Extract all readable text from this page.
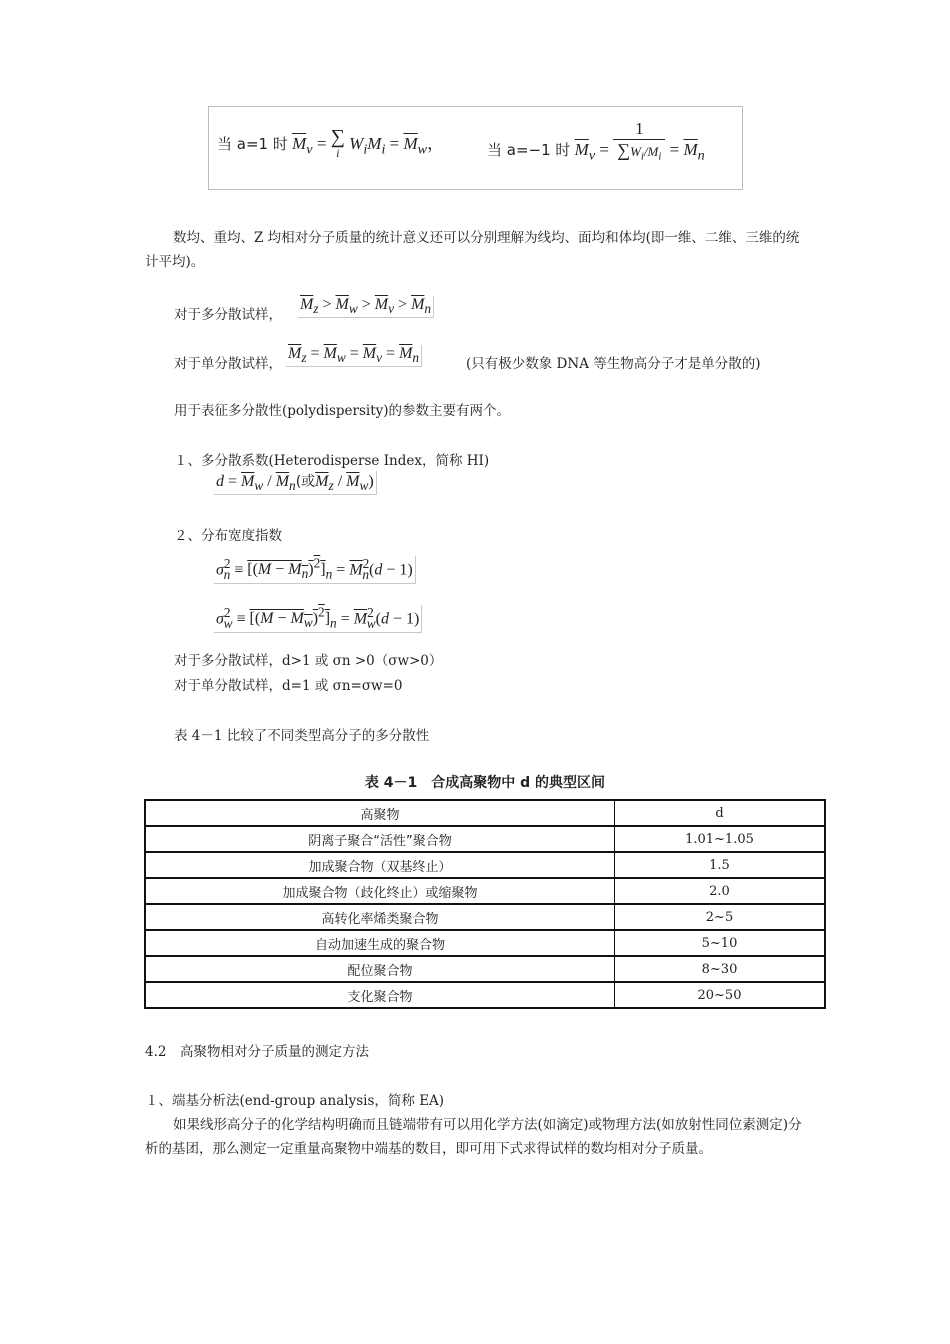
当 a=1 时 $\overline{M}_v$ = ∑
i $W_iM_i = \overline{M}_w$，	当 a=−1 时 $\overline{M}_v = \frac{1}{\sum W_i/M_i} = \overline{M}_n$
数均、重均、Z 均相对分子质量的统计意义还可以分别理解为线均、面均和体均(即一维、二维、三维的统计平均)。
对于多分散试样，
$\overline{M}_z > \overline{M}_w > \overline{M}_v > \overline{M}_n$
对于单分散试样，
$\overline{M}_z = \overline{M}_w = \overline{M}_v = \overline{M}_n$	(只有极少数象 DNA 等生物高分子才是单分散的)
用于表征多分散性(polydispersity)的参数主要有两个。
１、多分散系数(Heterodisperse Index，简称 HI)
$d = \overline{M}_w / \overline{M}_n$(或$\overline{M}_z / \overline{M}_w$)
２、分布宽度指数
$\sigma^2_n \equiv [(M - M_n)^2]_n = \overline{M}^2_n(d - 1)$
$\sigma^2_w \equiv [(M - M_w)^2]_n = \overline{M}^2_w(d - 1)$
对于多分散试样，d>1 或 σn >0（σw>0）
对于单分散试样，d=1 或 σn=σw=0
表 4－1 比较了不同类型高分子的多分散性
表 4－1　合成高聚物中 d 的典型区间
高聚物	d
阴离子聚合“活性”聚合物	1.01~1.05
加成聚合物（双基终止）	1.5
加成聚合物（歧化终止）或缩聚物	2.0
高转化率烯类聚合物	2~5
自动加速生成的聚合物	5~10
配位聚合物	8~30
支化聚合物	20~50
4.2　高聚物相对分子质量的测定方法
１、端基分析法(end-group analysis，简称 EA)
如果线形高分子的化学结构明确而且链端带有可以用化学方法(如滴定)或物理方法(如放射性同位素测定)分析的基团，那么测定一定重量高聚物中端基的数目，即可用下式求得试样的数均相对分子质量。
